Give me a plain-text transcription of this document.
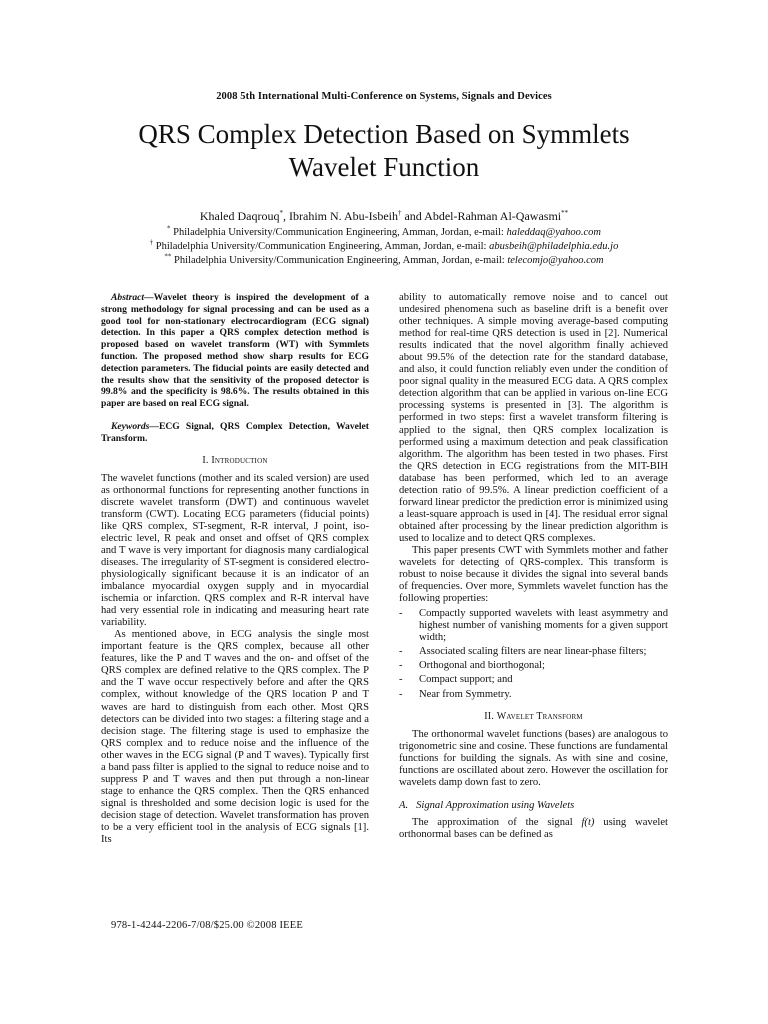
2008 5th International Multi-Conference on Systems, Signals and Devices
QRS Complex Detection Based on Symmlets
Wavelet Function
Khaled Daqrouq*, Ibrahim N. Abu-Isbeih† and Abdel-Rahman Al-Qawasmi**
* Philadelphia University/Communication Engineering, Amman, Jordan, e-mail: haleddaq@yahoo.com
† Philadelphia University/Communication Engineering, Amman, Jordan, e-mail: abusbeih@philadelphia.edu.jo
** Philadelphia University/Communication Engineering, Amman, Jordan, e-mail: telecomjo@yahoo.com

Abstract—Wavelet theory is inspired the development of a strong methodology for signal processing and can be used as a good tool for non-stationary electrocardiogram (ECG signal) detection. In this paper a QRS complex detection method is proposed based on wavelet transform (WT) with Symmlets function. The proposed method show sharp results for ECG detection parameters. The fiducial points are easily detected and the results show that the sensitivity of the proposed detector is 99.8% and the specificity is 98.6%. The results obtained in this paper are based on real ECG signal.

Keywords—ECG Signal, QRS Complex Detection, Wavelet Transform.

I. Introduction

The wavelet functions (mother and its scaled version) are used as orthonormal functions for representing another functions in discrete wavelet transform (DWT) and continuous wavelet transform (CWT). Locating ECG parameters (fiducial points) like QRS complex, ST-segment, R-R interval, J point, iso-electric level, R peak and onset and offset of QRS complex and T wave is very important for diagnosis many cardialogical diseases. The irregularity of ST-segment is considered electro-physiologically significant because it is an indicator of an imbalance myocardial oxygen supply and in myocardial ischemia or infarction. QRS complex and R-R interval have had very essential role in indicating and measuring heart rate variability.

As mentioned above, in ECG analysis the single most important feature is the QRS complex, because all other features, like the P and T waves and the on- and offset of the QRS complex are defined relative to the QRS complex. The P and the T wave occur respectively before and after the QRS complex, without knowledge of the QRS location P and T waves are hard to distinguish from each other. Most QRS detectors can be divided into two stages: a filtering stage and a decision stage. The filtering stage is used to emphasize the QRS complex and to reduce noise and the influence of the other waves in the ECG signal (P and T waves). Typically first a band pass filter is applied to the signal to reduce noise and to suppress P and T waves and then put through a non-linear stage to enhance the QRS complex. Then the QRS enhanced signal is thresholded and some decision logic is used for the decision stage of detection. Wavelet transformation has proven to be a very efficient tool in the analysis of ECG signals [1]. Its

ability to automatically remove noise and to cancel out undesired phenomena such as baseline drift is a benefit over other techniques. A simple moving average-based computing method for real-time QRS detection is used in [2]. Numerical results indicated that the novel algorithm finally achieved about 99.5% of the detection rate for the standard database, and also, it could function reliably even under the condition of poor signal quality in the measured ECG data. A QRS complex detection algorithm that can be applied in various on-line ECG processing systems is presented in [3]. The algorithm is performed in two steps: first a wavelet transform filtering is applied to the signal, then QRS complex localization is performed using a maximum detection and peak classification algorithm. The algorithm has been tested in two phases. First the QRS detection in ECG registrations from the MIT-BIH database has been performed, which led to an average detection ratio of 99.5%. A linear prediction coefficient of a forward linear predictor the prediction error is minimized using a least-square approach is used in [4]. The residual error signal obtained after processing by the linear prediction algorithm is used to localize and to detect QRS complexes.

This paper presents CWT with Symmlets mother and father wavelets for detecting of QRS-complex. This transform is robust to noise because it divides the signal into several bands of frequencies. Over more, Symmlets wavelet function has the following properties:

- Compactly supported wavelets with least asymmetry and highest number of vanishing moments for a given support width;
- Associated scaling filters are near linear-phase filters;
- Orthogonal and biorthogonal;
- Compact support; and
- Near from Symmetry.

II. Wavelet Transform

The orthonormal wavelet functions (bases) are analogous to trigonometric sine and cosine. These functions are fundamental functions for building the signals. As with sine and cosine, functions are oscillated about zero. However the oscillation for wavelets damp down fast to zero.

A. Signal Approximation using Wavelets

The approximation of the signal f(t) using wavelet orthonormal bases can be defined as

978-1-4244-2206-7/08/$25.00 ©2008 IEEE
